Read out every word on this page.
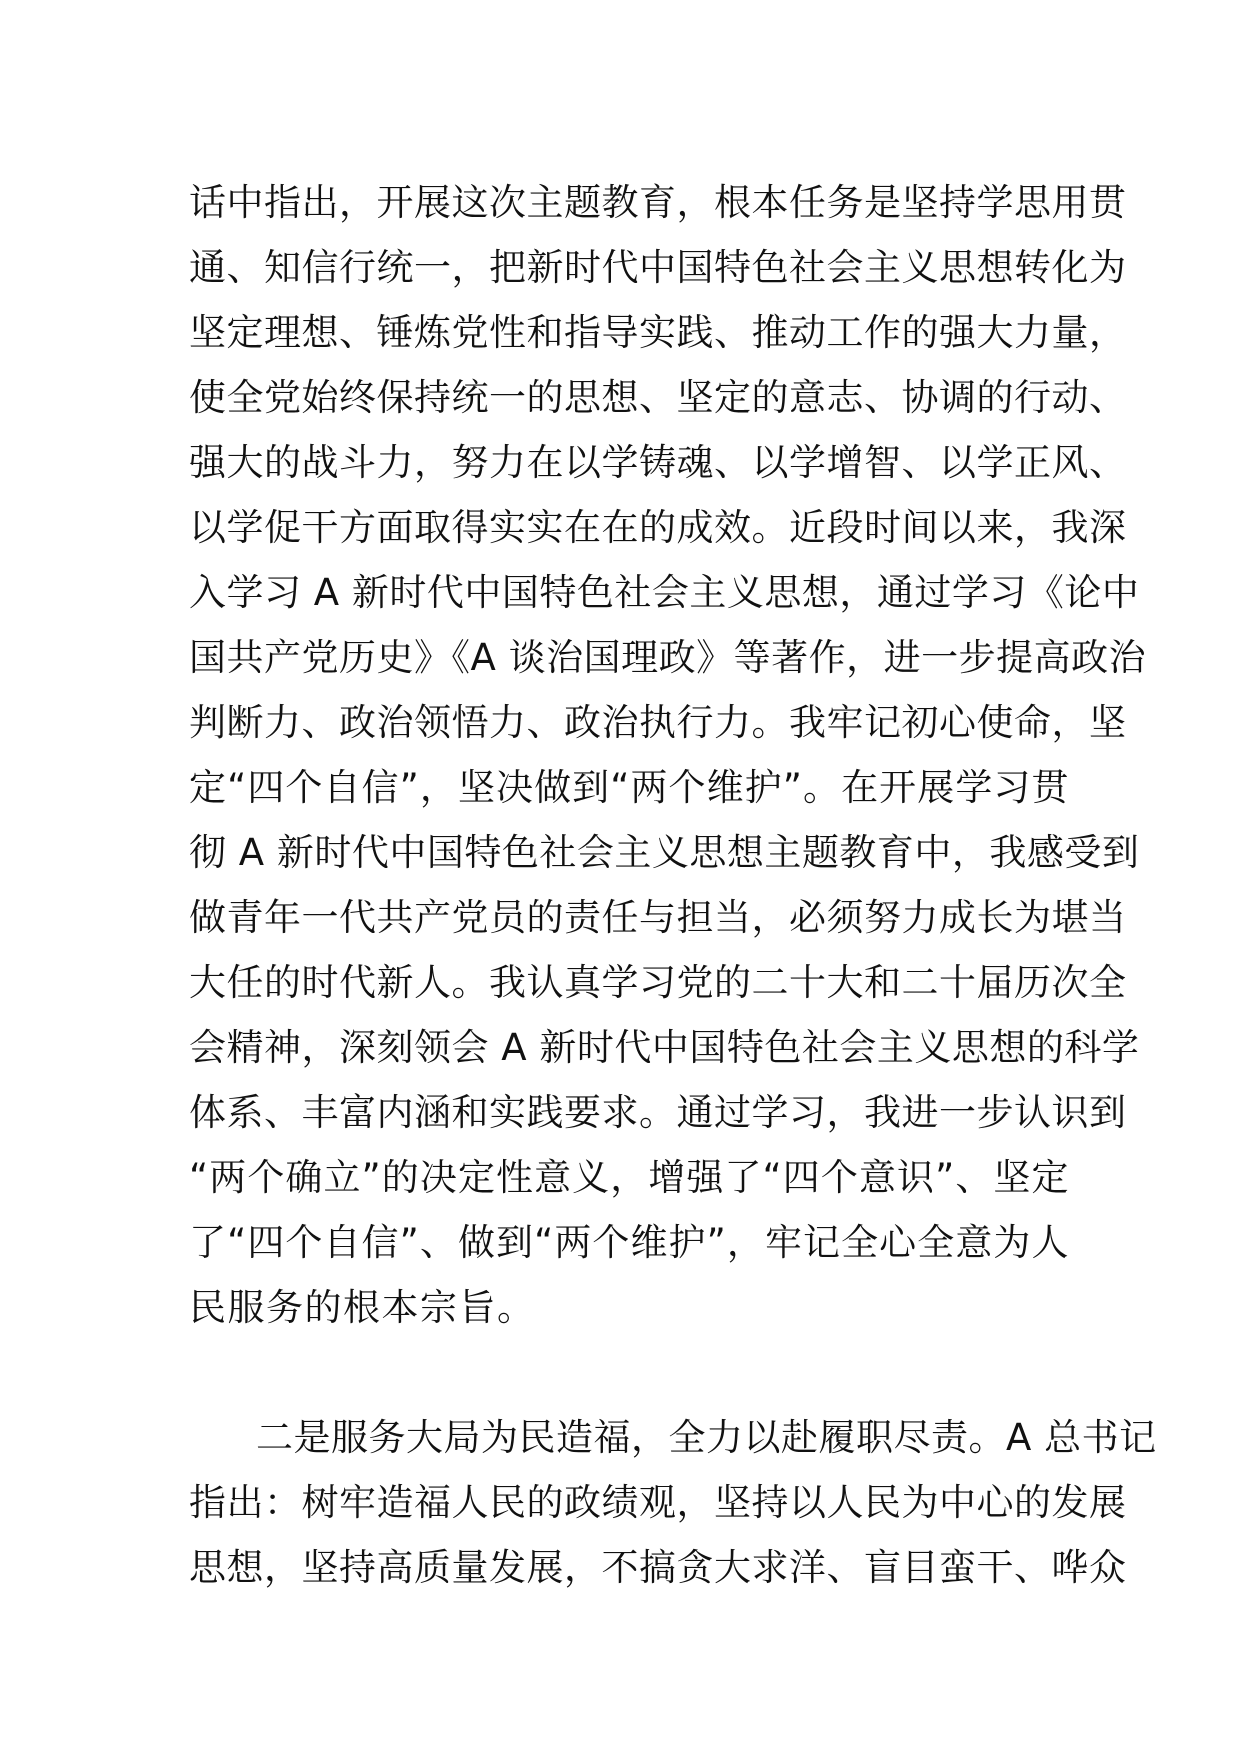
话中指出，开展这次主题教育，根本任务是坚持学思用贯
通、知信行统一，把新时代中国特色社会主义思想转化为
坚定理想、锤炼党性和指导实践、推动工作的强大力量，
使全党始终保持统一的思想、坚定的意志、协调的行动、
强大的战斗力，努力在以学铸魂、以学增智、以学正风、
以学促干方面取得实实在在的成效。近段时间以来，我深
入学习 A 新时代中国特色社会主义思想，通过学习《论中
国共产党历史》《A 谈治国理政》等著作，进一步提高政治
判断力、政治领悟力、政治执行力。我牢记初心使命，坚
定“四个自信”，坚决做到“两个维护”。在开展学习贯
彻 A 新时代中国特色社会主义思想主题教育中，我感受到
做青年一代共产党员的责任与担当，必须努力成长为堪当
大任的时代新人。我认真学习党的二十大和二十届历次全
会精神，深刻领会 A 新时代中国特色社会主义思想的科学
体系、丰富内涵和实践要求。通过学习，我进一步认识到
“两个确立”的决定性意义，增强了“四个意识”、坚定
了“四个自信”、做到“两个维护”，牢记全心全意为人
民服务的根本宗旨。
二是服务大局为民造福，全力以赴履职尽责。A 总书记
指出：树牢造福人民的政绩观，坚持以人民为中心的发展
思想，坚持高质量发展，不搞贪大求洋、盲目蛮干、哗众
